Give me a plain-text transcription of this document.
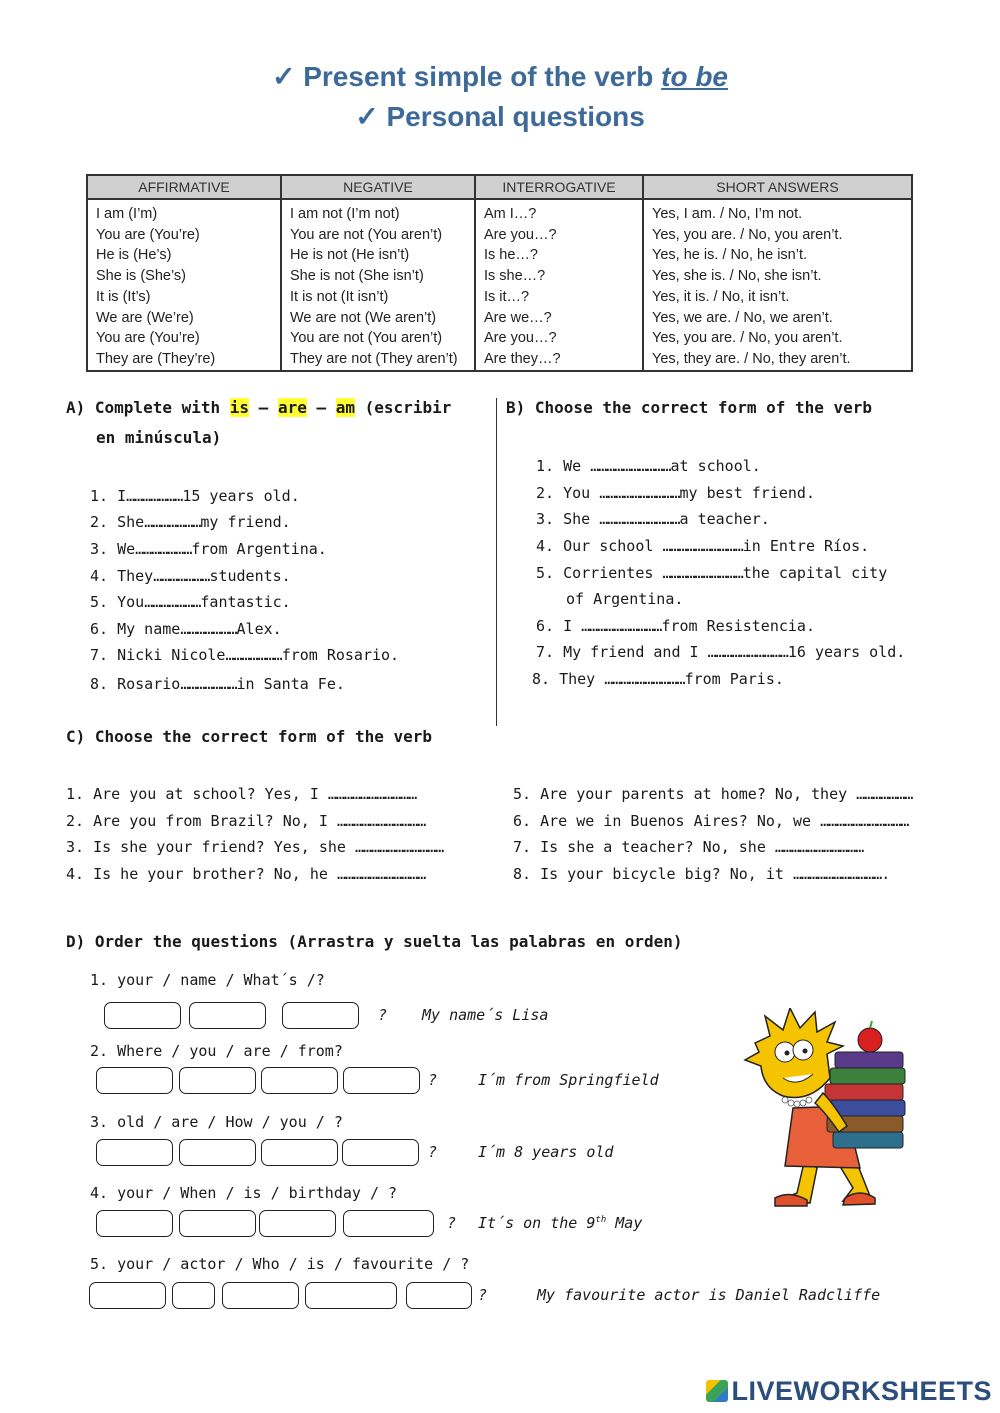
✓ Present simple of the verb to be
✓ Personal questions
AFFIRMATIVE	NEGATIVE	INTERROGATIVE	SHORT ANSWERS
I am (I’m)	I am not (I’m not)	Am I…?	Yes, I am. / No, I’m not.
You are (You’re)	You are not (You aren’t)	Are you…?	Yes, you are. / No, you aren’t.
He is (He’s)	He is not (He isn’t)	Is he…?	Yes, he is. / No, he isn’t.
She is (She’s)	She is not (She isn’t)	Is she…?	Yes, she is. / No, she isn’t.
It is (It’s)	It is not (It isn’t)	Is it…?	Yes, it is. / No, it isn’t.
We are (We’re)	We are not (We aren’t)	Are we…?	Yes, we are. / No, we aren’t.
You are (You’re)	You are not (You aren’t)	Are you…?	Yes, you are. / No, you aren’t.
They are (They’re)	They are not (They aren’t)	Are they…?	Yes, they are. / No, they aren’t.
A) Complete with is – are – am (escribir
en minúscula)
1. I…………………15 years old.
2. She…………………my friend.
3. We…………………from Argentina.
4. They…………………students.
5. You…………………fantastic.
6. My name…………………Alex.
7. Nicki Nicole…………………from Rosario.
8. Rosario…………………in Santa Fe.
B) Choose the correct form of the verb
1. We …………………………at school.
2. You …………………………my best friend.
3. She …………………………a teacher.
4. Our school …………………………in Entre Ríos.
5. Corrientes …………………………the capital city
of Argentina.
6. I …………………………from Resistencia.
7. My friend and I …………………………16 years old.
8. They …………………………from Paris.
C) Choose the correct form of the verb
1. Are you at school? Yes, I ……………………………
2. Are you from Brazil? No, I ……………………………
3. Is she your friend? Yes, she ……………………………
4. Is he your brother? No, he ……………………………
5. Are your parents at home? No, they …………………
6. Are we in Buenos Aires? No, we ……………………………
7. Is she a teacher? No, she ……………………………
8. Is your bicycle big? No, it …………………………….
D) Order the questions (Arrastra y suelta las palabras en orden)
1. your / name / What´s /?
? My name´s Lisa
2. Where / you / are / from?
?	I´m from Springfield
3. old / are / How / you / ?
?	I´m 8 years old
4. your / When / is / birthday / ?
? It´s on the 9th May
5. your / actor / Who / is / favourite / ?
?	My favourite actor is Daniel Radcliffe
LIVEWORKSHEETS
